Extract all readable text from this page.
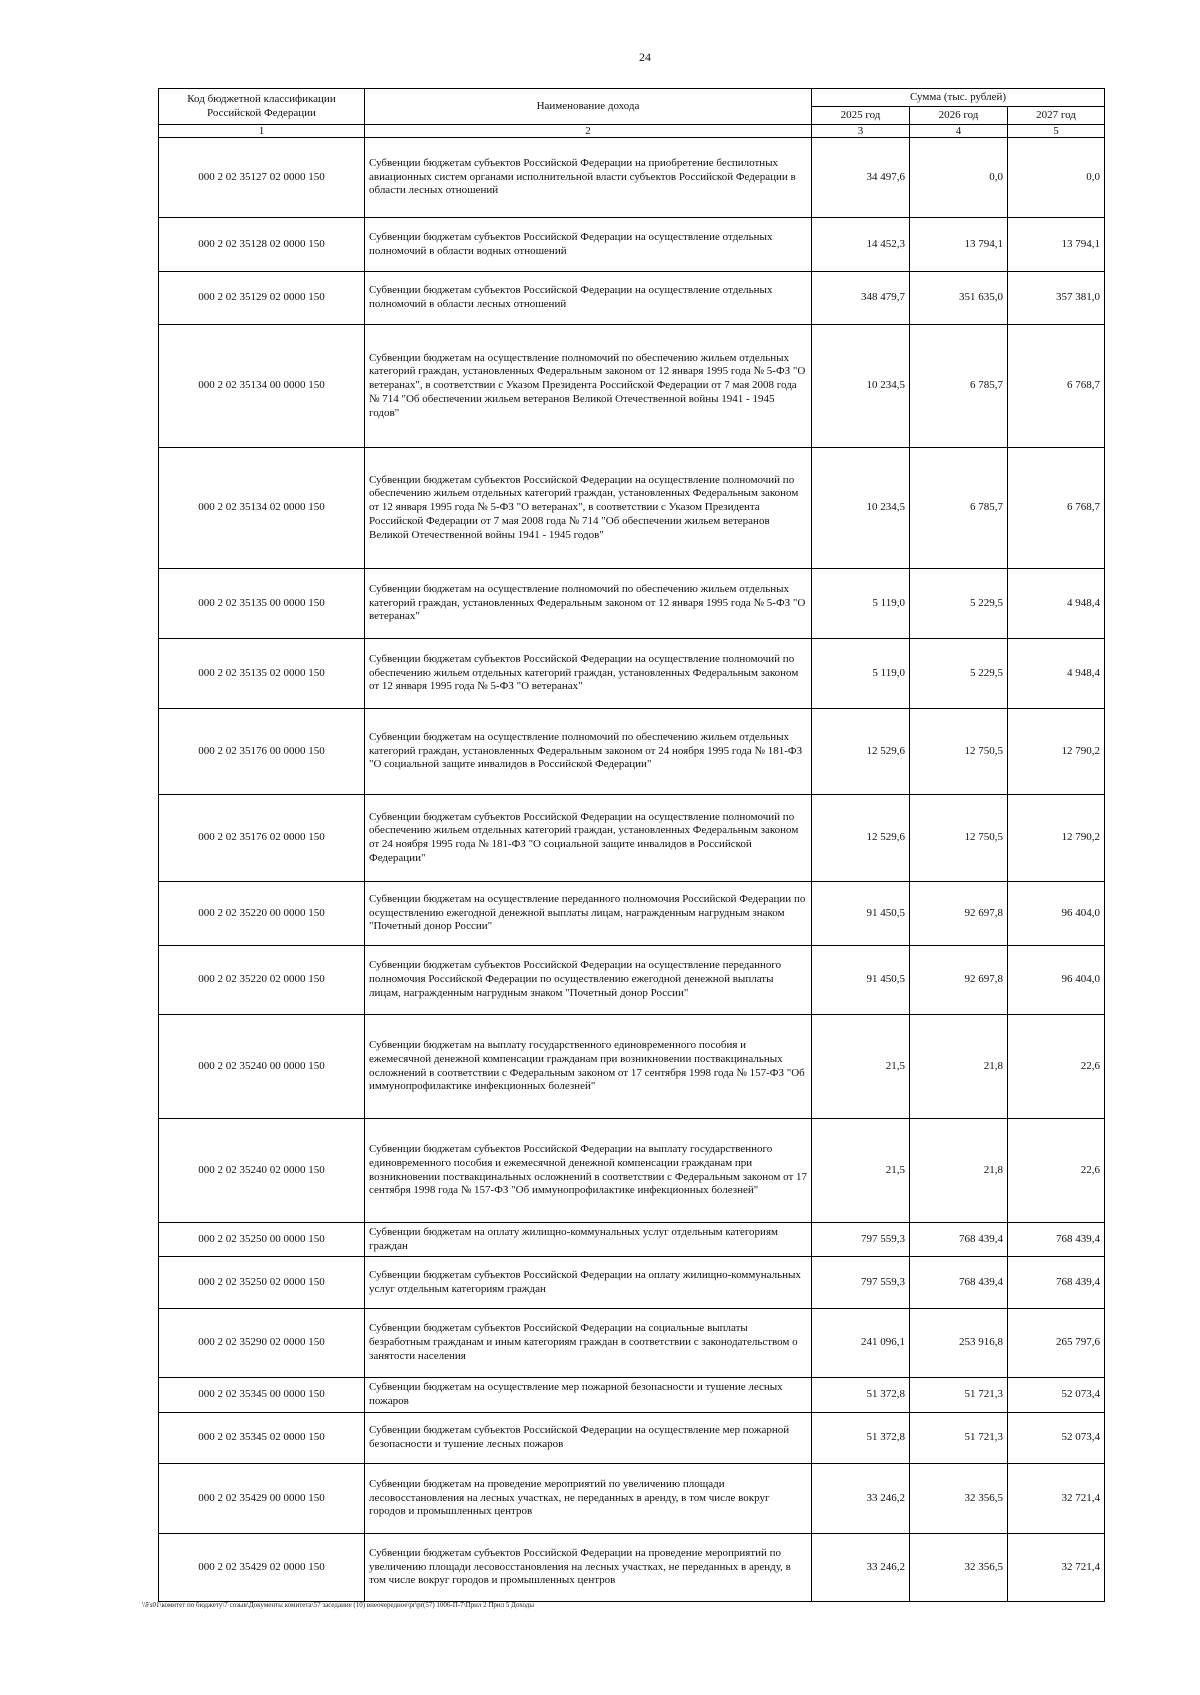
24
Код бюджетной классификации Российской Федерации	Наименование дохода	Сумма (тыс. рублей)		
		2025 год	2026 год	2027 год
1	2	3	4	5
000 2 02 35127 02 0000 150	Субвенции бюджетам субъектов Российской Федерации на приобретение беспилотных авиационных систем органами исполнительной власти субъектов Российской Федерации в области лесных отношений	34 497,6	0,0	0,0
000 2 02 35128 02 0000 150	Субвенции бюджетам субъектов Российской Федерации на осуществление отдельных полномочий в области водных отношений	14 452,3	13 794,1	13 794,1
000 2 02 35129 02 0000 150	Субвенции бюджетам субъектов Российской Федерации на осуществление отдельных полномочий в области лесных отношений	348 479,7	351 635,0	357 381,0
000 2 02 35134 00 0000 150	Субвенции бюджетам на осуществление полномочий по обеспечению жильем отдельных категорий граждан, установленных Федеральным законом от 12 января 1995 года № 5-ФЗ "О ветеранах", в соответствии с Указом Президента Российской Федерации от 7 мая 2008 года № 714 "Об обеспечении жильем ветеранов Великой Отечественной войны 1941 - 1945 годов"	10 234,5	6 785,7	6 768,7
000 2 02 35134 02 0000 150	Субвенции бюджетам субъектов Российской Федерации на осуществление полномочий по обеспечению жильем отдельных категорий граждан, установленных Федеральным законом от 12 января 1995 года № 5-ФЗ "О ветеранах", в соответствии с Указом Президента Российской Федерации от 7 мая 2008 года № 714 "Об обеспечении жильем ветеранов Великой Отечественной войны 1941 - 1945 годов"	10 234,5	6 785,7	6 768,7
000 2 02 35135 00 0000 150	Субвенции бюджетам на осуществление полномочий по обеспечению жильем отдельных категорий граждан, установленных Федеральным законом от 12 января 1995 года № 5-ФЗ "О ветеранах"	5 119,0	5 229,5	4 948,4
000 2 02 35135 02 0000 150	Субвенции бюджетам субъектов Российской Федерации на осуществление полномочий по обеспечению жильем отдельных категорий граждан, установленных Федеральным законом от 12 января 1995 года № 5-ФЗ "О ветеранах"	5 119,0	5 229,5	4 948,4
000 2 02 35176 00 0000 150	Субвенции бюджетам на осуществление полномочий по обеспечению жильем отдельных категорий граждан, установленных Федеральным законом от 24 ноября 1995 года № 181-ФЗ "О социальной защите инвалидов в Российской Федерации"	12 529,6	12 750,5	12 790,2
000 2 02 35176 02 0000 150	Субвенции бюджетам субъектов Российской Федерации на осуществление полномочий по обеспечению жильем отдельных категорий граждан, установленных Федеральным законом от 24 ноября 1995 года № 181-ФЗ "О социальной защите инвалидов в Российской Федерации"	12 529,6	12 750,5	12 790,2
000 2 02 35220 00 0000 150	Субвенции бюджетам на осуществление переданного полномочия Российской Федерации по осуществлению ежегодной денежной выплаты лицам, награжденным нагрудным знаком "Почетный донор России"	91 450,5	92 697,8	96 404,0
000 2 02 35220 02 0000 150	Субвенции бюджетам субъектов Российской Федерации на осуществление переданного полномочия Российской Федерации по осуществлению ежегодной денежной выплаты лицам, награжденным нагрудным знаком "Почетный донор России"	91 450,5	92 697,8	96 404,0
000 2 02 35240 00 0000 150	Субвенции бюджетам на выплату государственного единовременного пособия и ежемесячной денежной компенсации гражданам при возникновении поствакцинальных осложнений в соответствии с Федеральным законом от 17 сентября 1998 года № 157-ФЗ "Об иммунопрофилактике инфекционных болезней"	21,5	21,8	22,6
000 2 02 35240 02 0000 150	Субвенции бюджетам субъектов Российской Федерации на выплату государственного единовременного пособия и ежемесячной денежной компенсации гражданам при возникновении поствакцинальных осложнений в соответствии с Федеральным законом от 17 сентября 1998 года № 157-ФЗ "Об иммунопрофилактике инфекционных болезней"	21,5	21,8	22,6
000 2 02 35250 00 0000 150	Субвенции бюджетам на оплату жилищно-коммунальных услуг отдельным категориям граждан	797 559,3	768 439,4	768 439,4
000 2 02 35250 02 0000 150	Субвенции бюджетам субъектов Российской Федерации на оплату жилищно-коммунальных услуг отдельным категориям граждан	797 559,3	768 439,4	768 439,4
000 2 02 35290 02 0000 150	Субвенции бюджетам субъектов Российской Федерации на социальные выплаты безработным гражданам и иным категориям граждан в соответствии с законодательством о занятости населения	241 096,1	253 916,8	265 797,6
000 2 02 35345 00 0000 150	Субвенции бюджетам на осуществление мер пожарной безопасности и тушение лесных пожаров	51 372,8	51 721,3	52 073,4
000 2 02 35345 02 0000 150	Субвенции бюджетам субъектов Российской Федерации на осуществление мер пожарной безопасности и тушение лесных пожаров	51 372,8	51 721,3	52 073,4
000 2 02 35429 00 0000 150	Субвенции бюджетам на проведение мероприятий по увеличению площади лесовосстановления на лесных участках, не переданных в аренду, в том числе вокруг городов и промышленных центров	33 246,2	32 356,5	32 721,4
000 2 02 35429 02 0000 150	Субвенции бюджетам субъектов Российской Федерации на проведение мероприятий по увеличению площади лесовосстановления на лесных участках, не переданных в аренду, в том числе вокруг городов и промышленных центров	33 246,2	32 356,5	32 721,4
\\Fs01\комитет по бюджету\7 созыв\Документы комитета\57 заседание (10) внеочередное\pr\pr(57) 1006-П-7\Прил 2 Прил 5 Доходы
